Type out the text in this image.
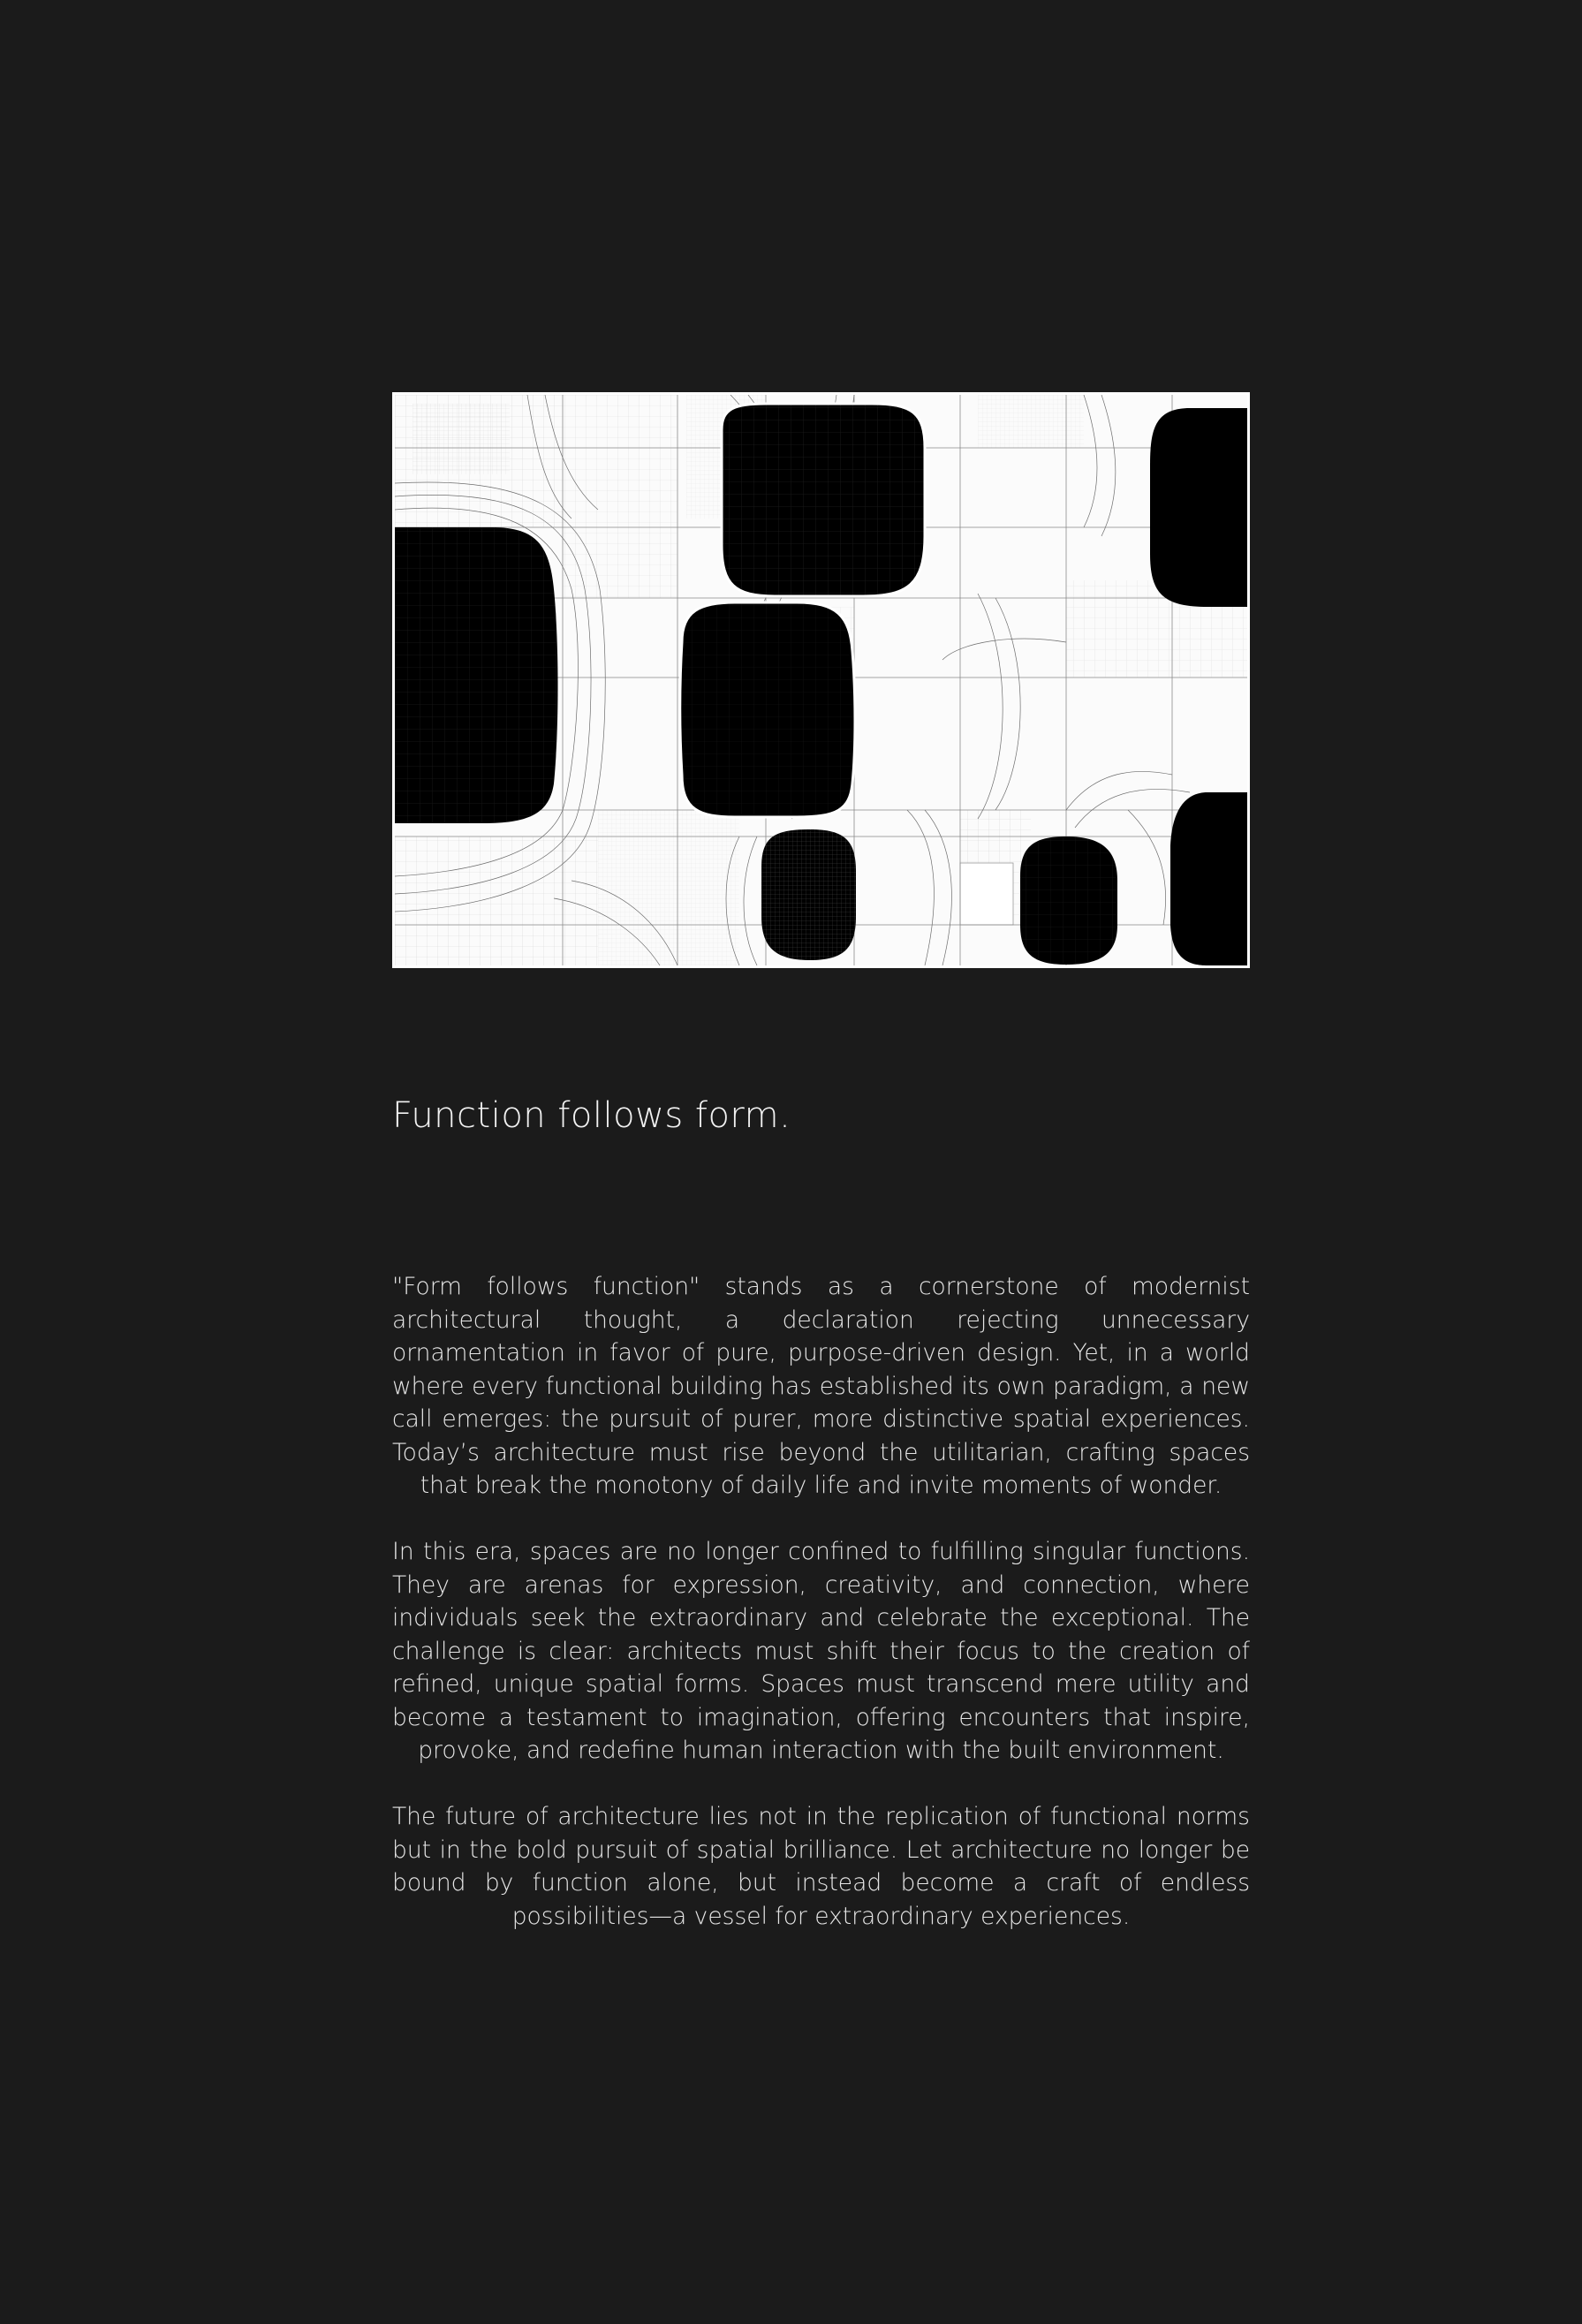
Function follows form.

"Form follows function" stands as a cornerstone of modernist architectural thought, a declaration rejecting unnecessary ornamentation in favor of pure, purpose-driven design. Yet, in a world where every functional building has established its own paradigm, a new call emerges: the pursuit of purer, more distinctive spatial experiences. Today’s architecture must rise beyond the utilitarian, crafting spaces that break the monotony of daily life and invite moments of wonder.

In this era, spaces are no longer confined to fulfilling singular functions. They are arenas for expression, creativity, and connection, where individuals seek the extraordinary and celebrate the exceptional. The challenge is clear: architects must shift their focus to the creation of refined, unique spatial forms. Spaces must transcend mere utility and become a testament to imagination, offering encounters that inspire, provoke, and redefine human interaction with the built environment.

The future of architecture lies not in the replication of functional norms but in the bold pursuit of spatial brilliance. Let architecture no longer be bound by function alone, but instead become a craft of endless possibilities—a vessel for extraordinary experiences.
